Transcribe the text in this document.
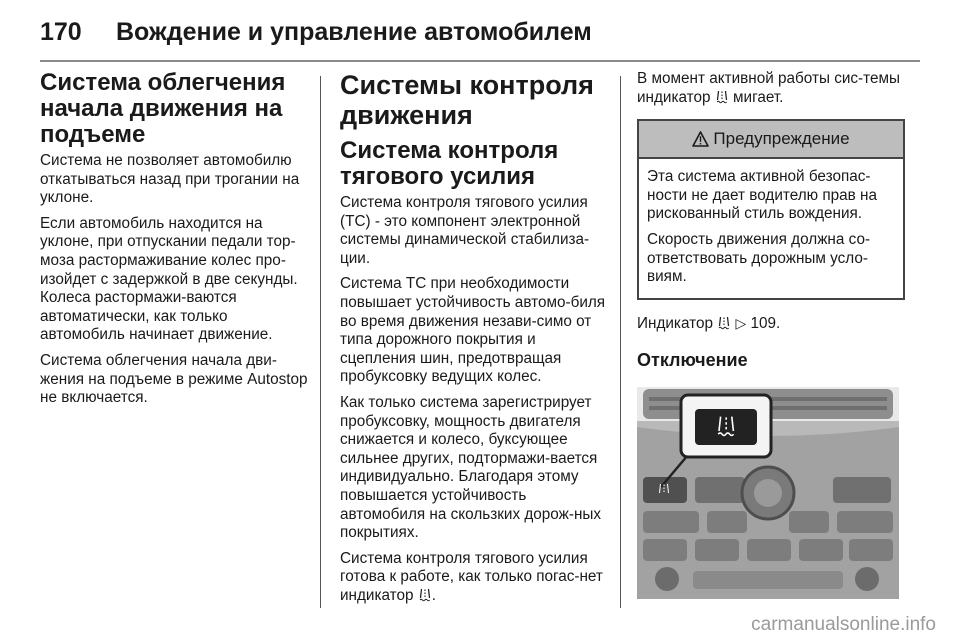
170 Вождение и управление автомобилем
Система облегчения начала движения на подъеме

Система не позволяет автомобилю откатываться назад при трогании на уклоне.

Если автомобиль находится на уклоне, при отпускании педали тор-моза растормаживание колес про-изойдет с задержкой в две секунды. Колеса растормажи-ваются автоматически, как только автомобиль начинает движение.

Система облегчения начала дви-жения на подъеме в режиме Autostop не включается.

Системы контроля движения
Система контроля тягового усилия

Система контроля тягового усилия (TC) - это компонент электронной системы динамической стабилиза-ции.

Система TC при необходимости повышает устойчивость автомо-биля во время движения незави-симо от типа дорожного покрытия и сцепления шин, предотвращая пробуксовку ведущих колес.

Как только система зарегистрирует пробуксовку, мощность двигателя снижается и колесо, буксующее сильнее других, подтормажи-вается индивидуально. Благодаря этому повышается устойчивость автомобиля на скользких дорож-ных покрытиях.

Система контроля тягового усилия готова к работе, как только погас-нет индикатор .

В момент активной работы сис-темы индикатор мигает.

Предупреждение

Эта система активной безопас-ности не дает водителю прав на рискованный стиль вождения.

Скорость движения должна со-ответствовать дорожным усло-виям.

Индикатор ▷ 109.

Отключение
carmanualsonline.info
